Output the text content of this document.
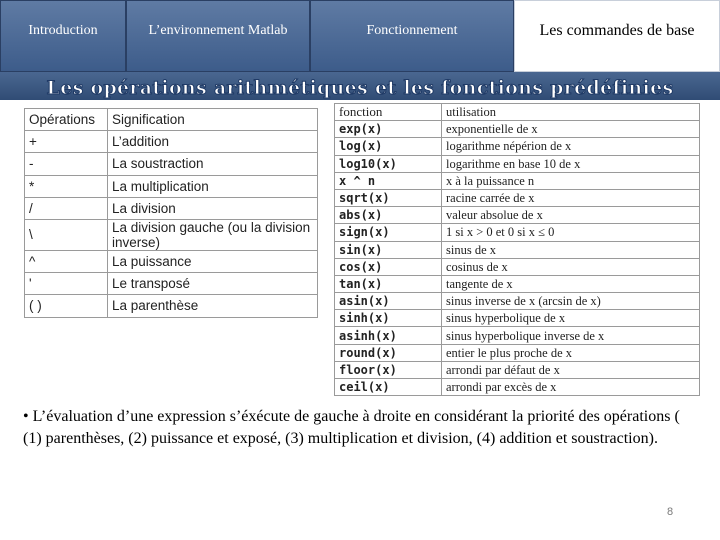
Introduction	L’environnement Matlab	Fonctionnement	Les commandes de base
Les opérations arithmétiques et les fonctions prédéfinies
Opérations	Signification
+	L’addition
-	La soustraction
*	La multiplication
/	La division
\	La division gauche (ou la division inverse)
^	La puissance
'	Le transposé
( )	La parenthèse
fonction	utilisation
exp(x)	exponentielle de x
log(x)	logarithme népérion de x
log10(x)	logarithme en base 10 de x
x ^ n	x à la puissance n
sqrt(x)	racine carrée de x
abs(x)	valeur absolue de x
sign(x)	1 si x > 0 et 0 si x ≤ 0
sin(x)	sinus de x
cos(x)	cosinus de x
tan(x)	tangente de x
asin(x)	sinus inverse de x (arcsin de x)
sinh(x)	sinus hyperbolique de x
asinh(x)	sinus hyperbolique inverse de x
round(x)	entier le plus proche de x
floor(x)	arrondi par défaut de x
ceil(x)	arrondi par excès de x
• L’évaluation d’une expression s’éxécute de gauche à droite en considérant la priorité des opérations ( (1) parenthèses, (2) puissance et exposé, (3) multiplication et division, (4) addition et soustraction).
8
